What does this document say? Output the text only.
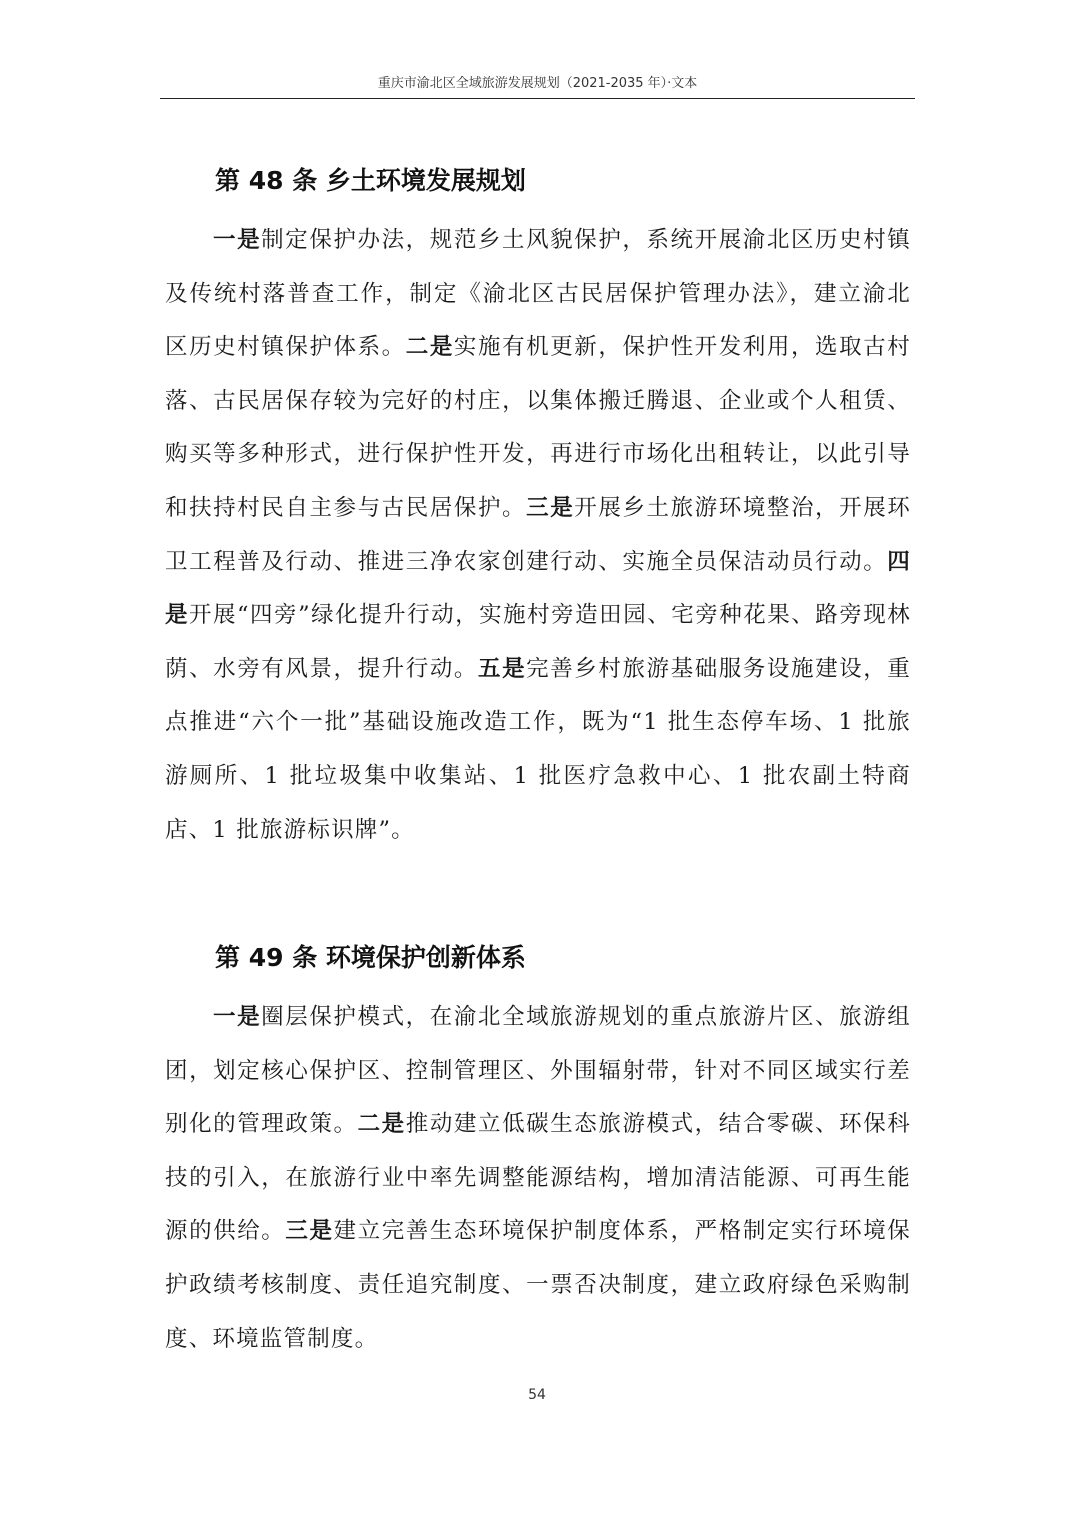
重庆市渝北区全域旅游发展规划（2021-2035 年）·文本
第 48 条 乡土环境发展规划

一是制定保护办法，规范乡土风貌保护，系统开展渝北区历史村镇及传统村落普查工作，制定《渝北区古民居保护管理办法》，建立渝北区历史村镇保护体系。二是实施有机更新，保护性开发利用，选取古村落、古民居保存较为完好的村庄，以集体搬迁腾退、企业或个人租赁、购买等多种形式，进行保护性开发，再进行市场化出租转让，以此引导和扶持村民自主参与古民居保护。三是开展乡土旅游环境整治，开展环卫工程普及行动、推进三净农家创建行动、实施全员保洁动员行动。四是开展“四旁”绿化提升行动，实施村旁造田园、宅旁种花果、路旁现林荫、水旁有风景，提升行动。五是完善乡村旅游基础服务设施建设，重点推进“六个一批”基础设施改造工作，既为“1 批生态停车场、1 批旅游厕所、1 批垃圾集中收集站、1 批医疗急救中心、1 批农副土特商店、1 批旅游标识牌”。

第 49 条 环境保护创新体系

一是圈层保护模式，在渝北全域旅游规划的重点旅游片区、旅游组团，划定核心保护区、控制管理区、外围辐射带，针对不同区域实行差别化的管理政策。二是推动建立低碳生态旅游模式，结合零碳、环保科技的引入，在旅游行业中率先调整能源结构，增加清洁能源、可再生能源的供给。三是建立完善生态环境保护制度体系，严格制定实行环境保护政绩考核制度、责任追究制度、一票否决制度，建立政府绿色采购制度、环境监管制度。

54
